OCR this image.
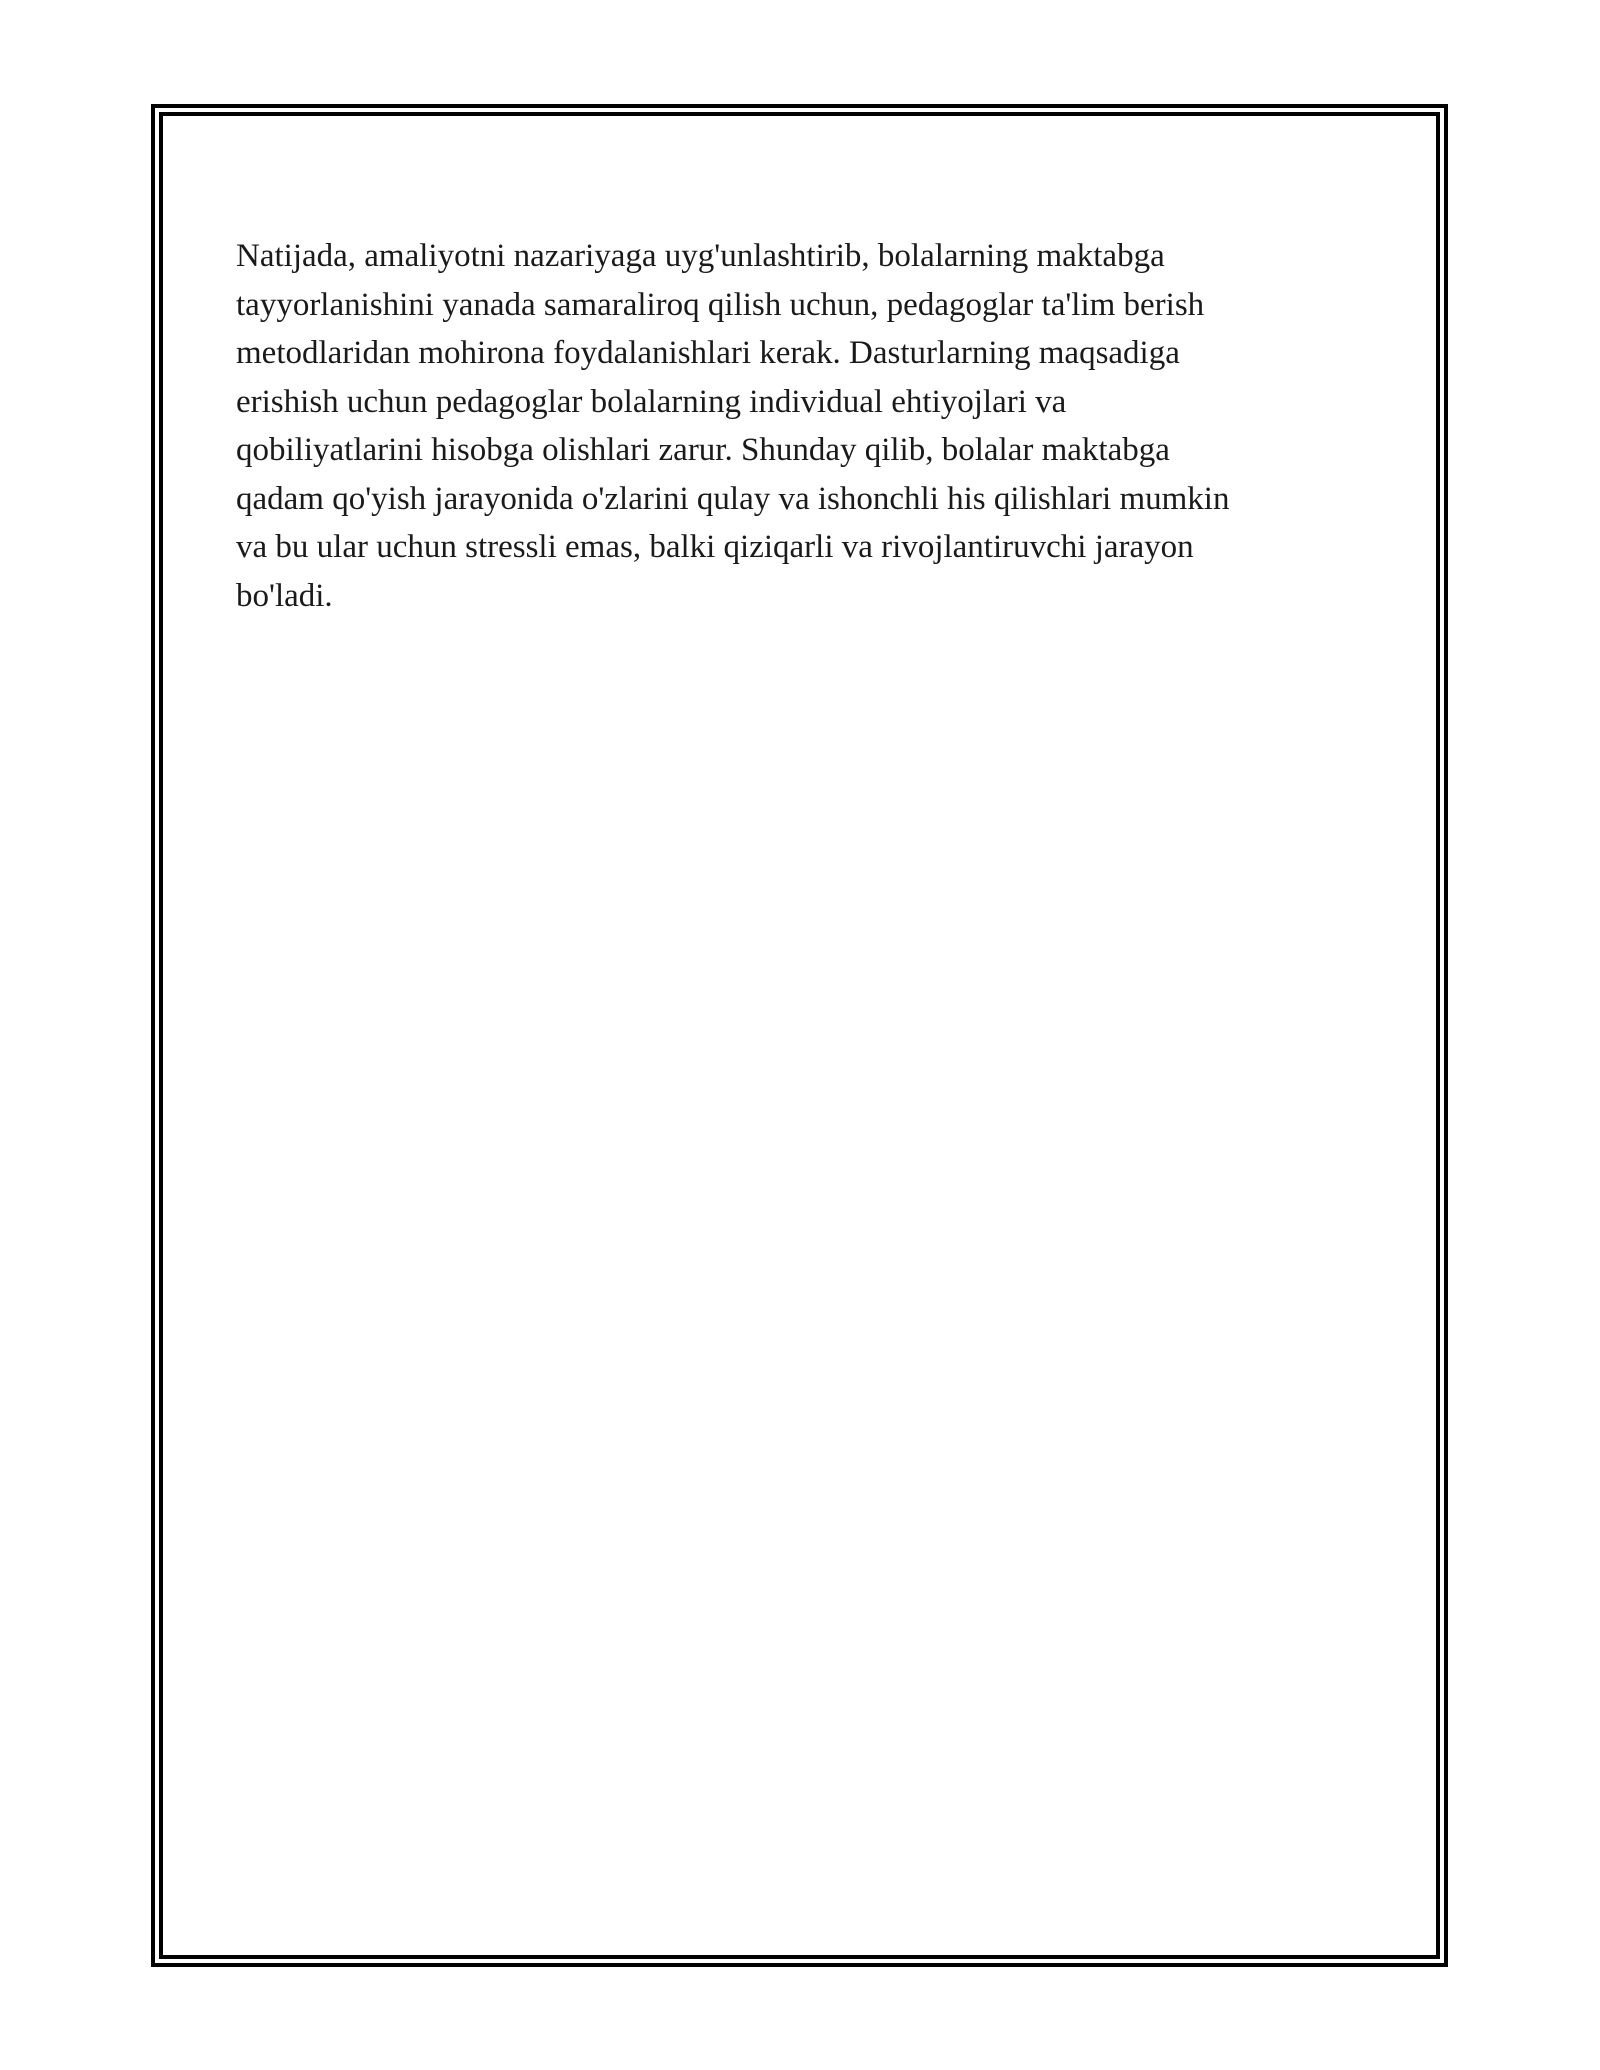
Natijada, amaliyotni nazariyaga uyg'unlashtirib, bolalarning maktabga
tayyorlanishini yanada samaraliroq qilish uchun, pedagoglar ta'lim berish
metodlaridan mohirona foydalanishlari kerak. Dasturlarning maqsadiga
erishish uchun pedagoglar bolalarning individual ehtiyojlari va
qobiliyatlarini hisobga olishlari zarur. Shunday qilib, bolalar maktabga
qadam qo'yish jarayonida o'zlarini qulay va ishonchli his qilishlari mumkin
va bu ular uchun stressli emas, balki qiziqarli va rivojlantiruvchi jarayon
bo'ladi.
